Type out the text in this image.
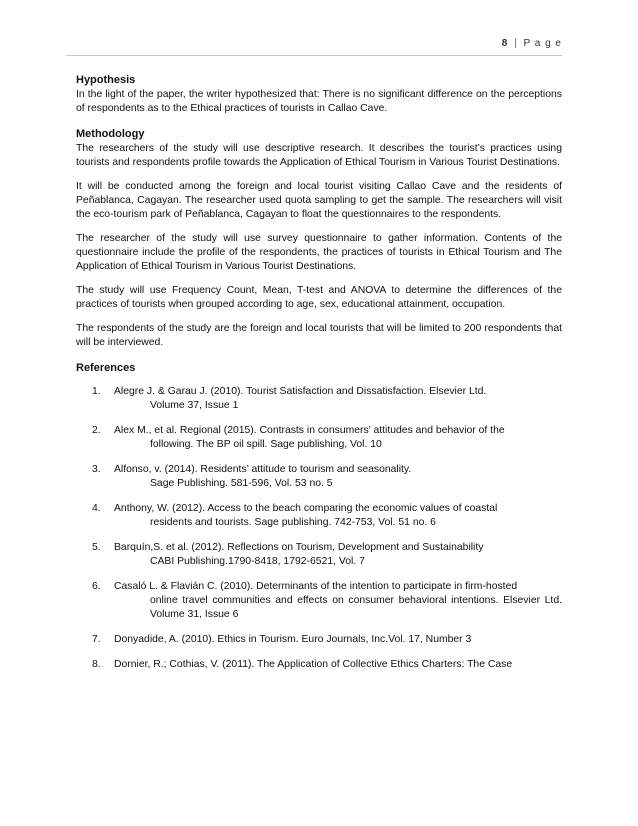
8 | P a g e
Hypothesis

In the light of the paper, the writer hypothesized that: There is no significant difference on the perceptions of respondents as to the Ethical practices of tourists in Callao Cave.

Methodology

The researchers of the study will use descriptive research. It describes the tourist’s practices using tourists and respondents profile towards the Application of Ethical Tourism in Various Tourist Destinations.

It will be conducted among the foreign and local tourist visiting Callao Cave and the residents of Peñablanca, Cagayan. The researcher used quota sampling to get the sample. The researchers will visit the eco-tourism park of Peñablanca, Cagayan to float the questionnaires to the respondents.

The researcher of the study will use survey questionnaire to gather information. Contents of the questionnaire include the profile of the respondents, the practices of tourists in Ethical Tourism and The Application of Ethical Tourism in Various Tourist Destinations.

The study will use Frequency Count, Mean, T-test and ANOVA to determine the differences of the practices of tourists when grouped according to age, sex, educational attainment, occupation.

The respondents of the study are the foreign and local tourists that will be limited to 200 respondents that will be interviewed.

References
1. Alegre J. & Garau J. (2010). Tourist Satisfaction and Dissatisfaction. Elsevier Ltd.
Volume 37, Issue 1
2. Alex M., et al. Regional (2015). Contrasts in consumers’ attitudes and behavior of the
following. The BP oil spill. Sage publishing, Vol. 10
3. Alfonso, v. (2014). Residents’ attitude to tourism and seasonality.
Sage Publishing. 581-596, Vol. 53 no. 5
4. Anthony, W. (2012). Access to the beach comparing the economic values of coastal
residents and tourists. Sage publishing. 742-753, Vol. 51 no. 6
5. Barquín,S. et al. (2012). Reflections on Tourism, Development and Sustainability
CABI Publishing.1790-8418, 1792-6521, Vol. 7
6. Casaló L. & Flavián C. (2010). Determinants of the intention to participate in firm-hosted
online travel communities and effects on consumer behavioral intentions. Elsevier Ltd. Volume 31, Issue 6
7. Donyadide, A. (2010). Ethics in Tourism. Euro Journals, Inc.Vol. 17, Number 3
8. Dornier, R.; Cothias, V. (2011). The Application of Collective Ethics Charters: The Case
